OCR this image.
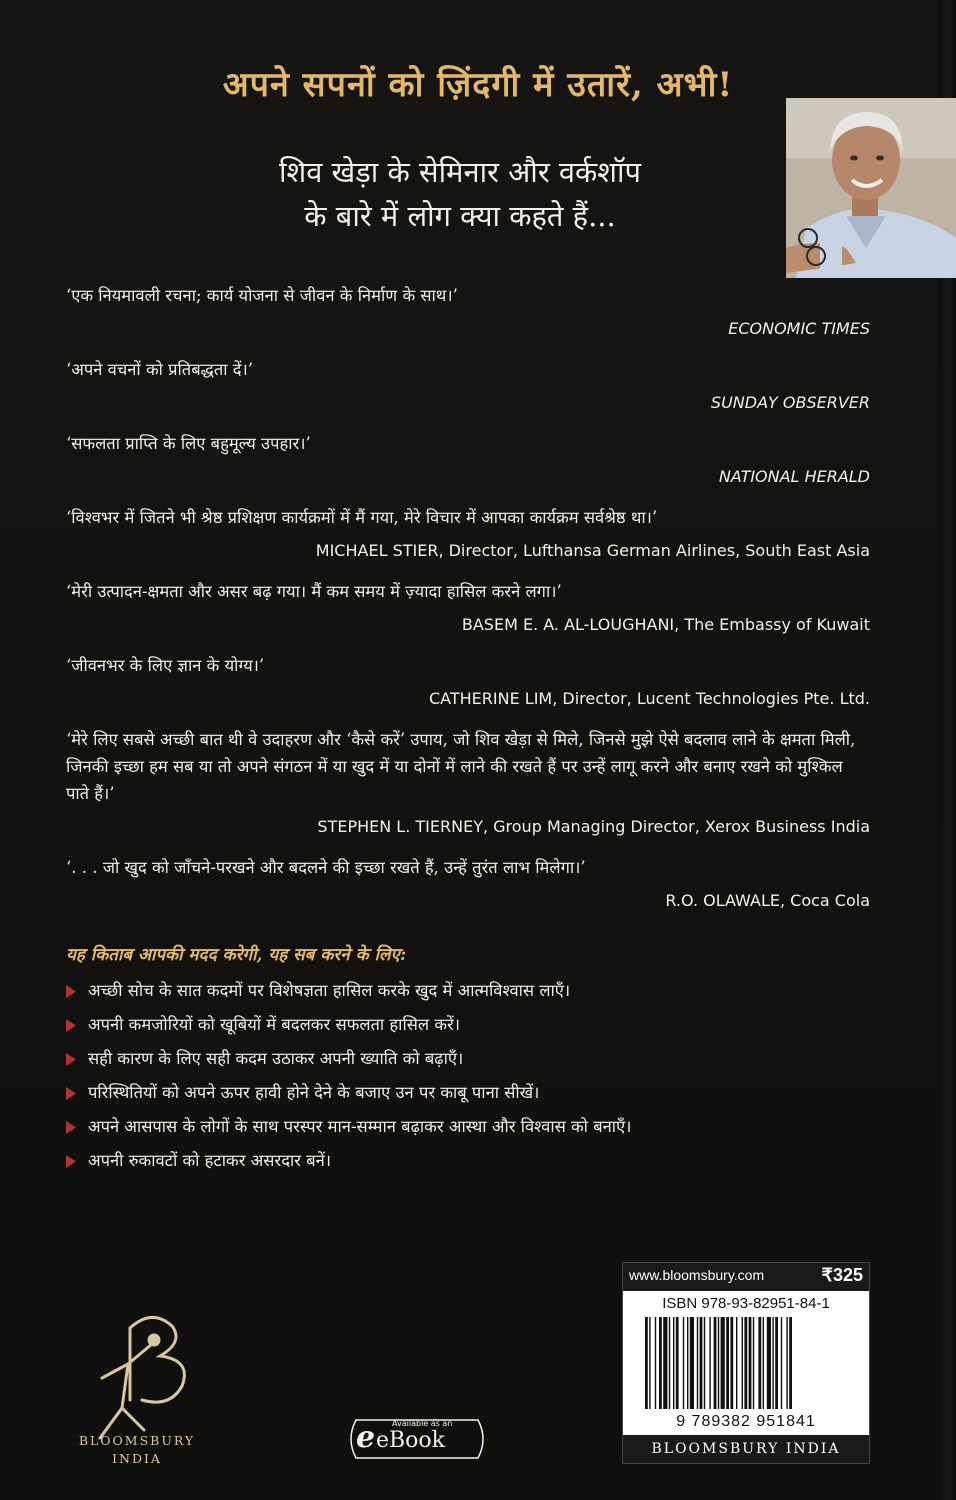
अपने सपनों को ज़िंदगी में उतारें, अभी!
शिव खेड़ा के सेमिनार और वर्कशॉप
के बारे में लोग क्या कहते हैं...
‘एक नियमावली रचना; कार्य योजना से जीवन के निर्माण के साथ।’
ECONOMIC TIMES
‘अपने वचनों को प्रतिबद्धता दें।’
SUNDAY OBSERVER
‘सफलता प्राप्ति के लिए बहुमूल्य उपहार।’
NATIONAL HERALD
‘विश्वभर में जितने भी श्रेष्ठ प्रशिक्षण कार्यक्रमों में मैं गया, मेरे विचार में आपका कार्यक्रम सर्वश्रेष्ठ था।’
MICHAEL STIER, Director, Lufthansa German Airlines, South East Asia
‘मेरी उत्पादन-क्षमता और असर बढ़ गया। मैं कम समय में ज़्यादा हासिल करने लगा।’
BASEM E. A. AL-LOUGHANI, The Embassy of Kuwait
‘जीवनभर के लिए ज्ञान के योग्य।’
CATHERINE LIM, Director, Lucent Technologies Pte. Ltd.
‘मेरे लिए सबसे अच्छी बात थी वे उदाहरण और ‘कैसे करें’ उपाय, जो शिव खेड़ा से मिले, जिनसे मुझे ऐसे बदलाव लाने के क्षमता मिली, जिनकी इच्छा हम सब या तो अपने संगठन में या खुद में या दोनों में लाने की रखते हैं पर उन्हें लागू करने और बनाए रखने को मुश्किल पाते हैं।’
STEPHEN L. TIERNEY, Group Managing Director, Xerox Business India
‘. . . जो खुद को जाँचने-परखने और बदलने की इच्छा रखते हैं, उन्हें तुरंत लाभ मिलेगा।’
R.O. OLAWALE, Coca Cola
यह किताब आपकी मदद करेगी, यह सब करने के लिए:
अच्छी सोच के सात कदमों पर विशेषज्ञता हासिल करके खुद में आत्मविश्वास लाएँ।
अपनी कमजोरियों को खूबियों में बदलकर सफलता हासिल करें।
सही कारण के लिए सही कदम उठाकर अपनी ख्याति को बढ़ाएँ।
परिस्थितियों को अपने ऊपर हावी होने देने के बजाए उन पर काबू पाना सीखें।
अपने आसपास के लोगों के साथ परस्पर मान-सम्मान बढ़ाकर आस्था और विश्वास को बनाएँ।
अपनी रुकावटों को हटाकर असरदार बनें।
BLOOMSBURY
INDIA
e Available as an
eBook
www.bloomsbury.com	₹325
ISBN 978-93-82951-84-1
9 789382 951841
BLOOMSBURY INDIA
